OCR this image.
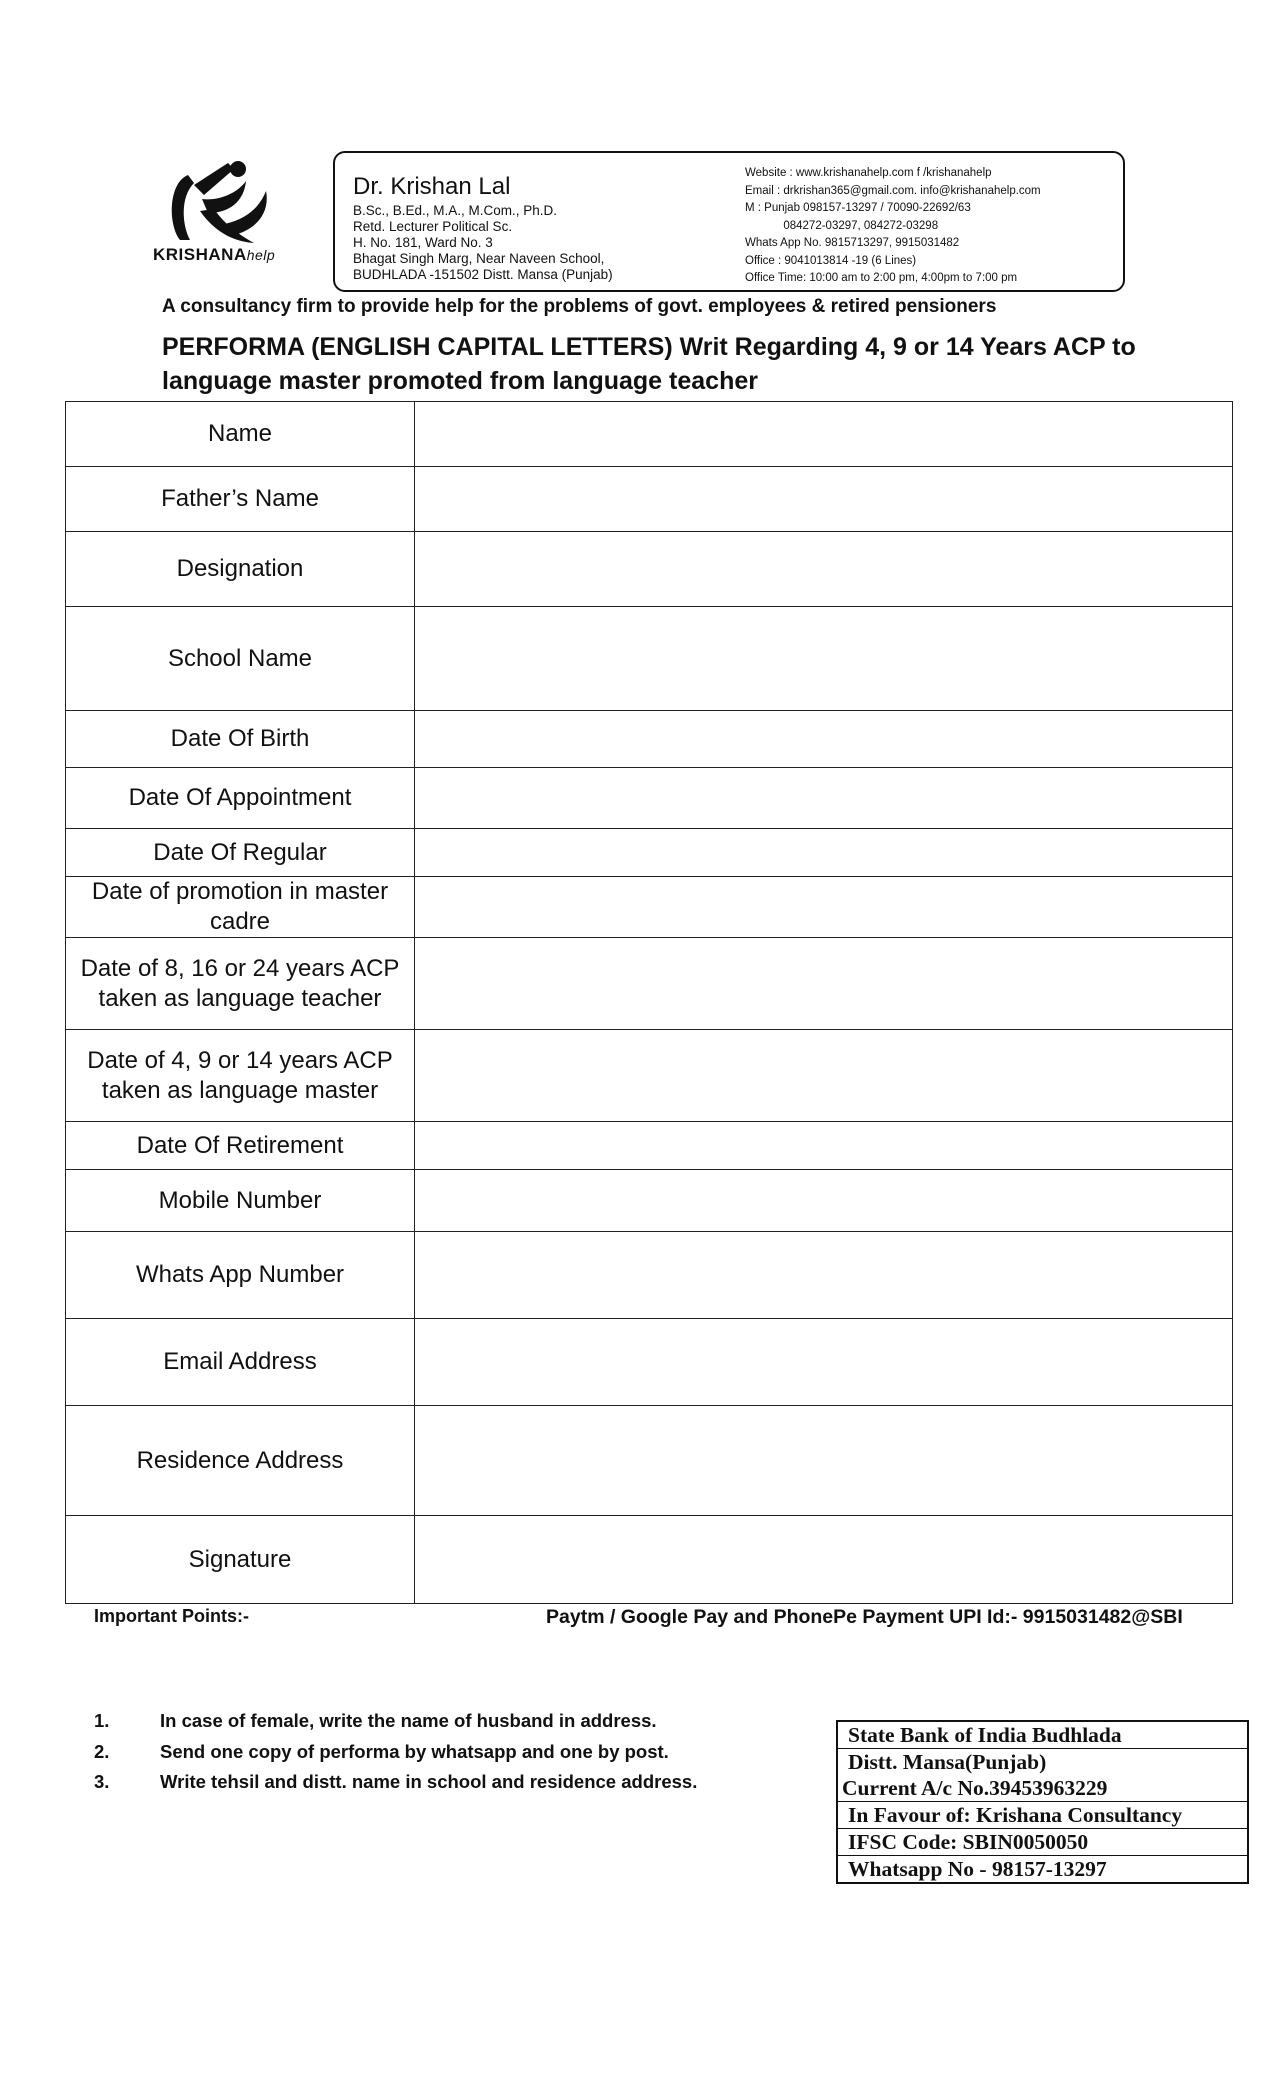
KRISHANAhelp
Dr. Krishan Lal
B.Sc., B.Ed., M.A., M.Com., Ph.D.
Retd. Lecturer Political Sc.
H. No. 181, Ward No. 3
Bhagat Singh Marg, Near Naveen School,
BUDHLADA -151502 Distt. Mansa (Punjab)
Website : www.krishanahelp.com f /krishanahelp
Email : drkrishan365@gmail.com. info@krishanahelp.com
M : Punjab 098157-13297 / 70090-22692/63
084272-03297, 084272-03298
Whats App No. 9815713297, 9915031482
Office : 9041013814 -19 (6 Lines)
Office Time: 10:00 am to 2:00 pm, 4:00pm to 7:00 pm
A consultancy firm to provide help for the problems of govt. employees & retired pensioners
PERFORMA (ENGLISH CAPITAL LETTERS) Writ Regarding 4, 9 or 14 Years ACP to language master promoted from language teacher
Name	
Father’s Name	
Designation	
School Name	
Date Of Birth	
Date Of Appointment	
Date Of Regular	
Date of promotion in master cadre	
Date of 8, 16 or 24 years ACP taken as language teacher	
Date of 4, 9 or 14 years ACP taken as language master	
Date Of Retirement	
Mobile Number	
Whats App Number	
Email Address	
Residence Address	
Signature	
Important Points:-	Paytm / Google Pay and PhonePe Payment UPI Id:- 9915031482@SBI
1.	In case of female, write the name of husband in address.
2.	Send one copy of performa by whatsapp and one by post.
3.	Write tehsil and distt. name in school and residence address.
State Bank of India Budhlada
Distt. Mansa(Punjab)
Current A/c No.39453963229
In Favour of: Krishana Consultancy
IFSC Code: SBIN0050050
Whatsapp No - 98157-13297
